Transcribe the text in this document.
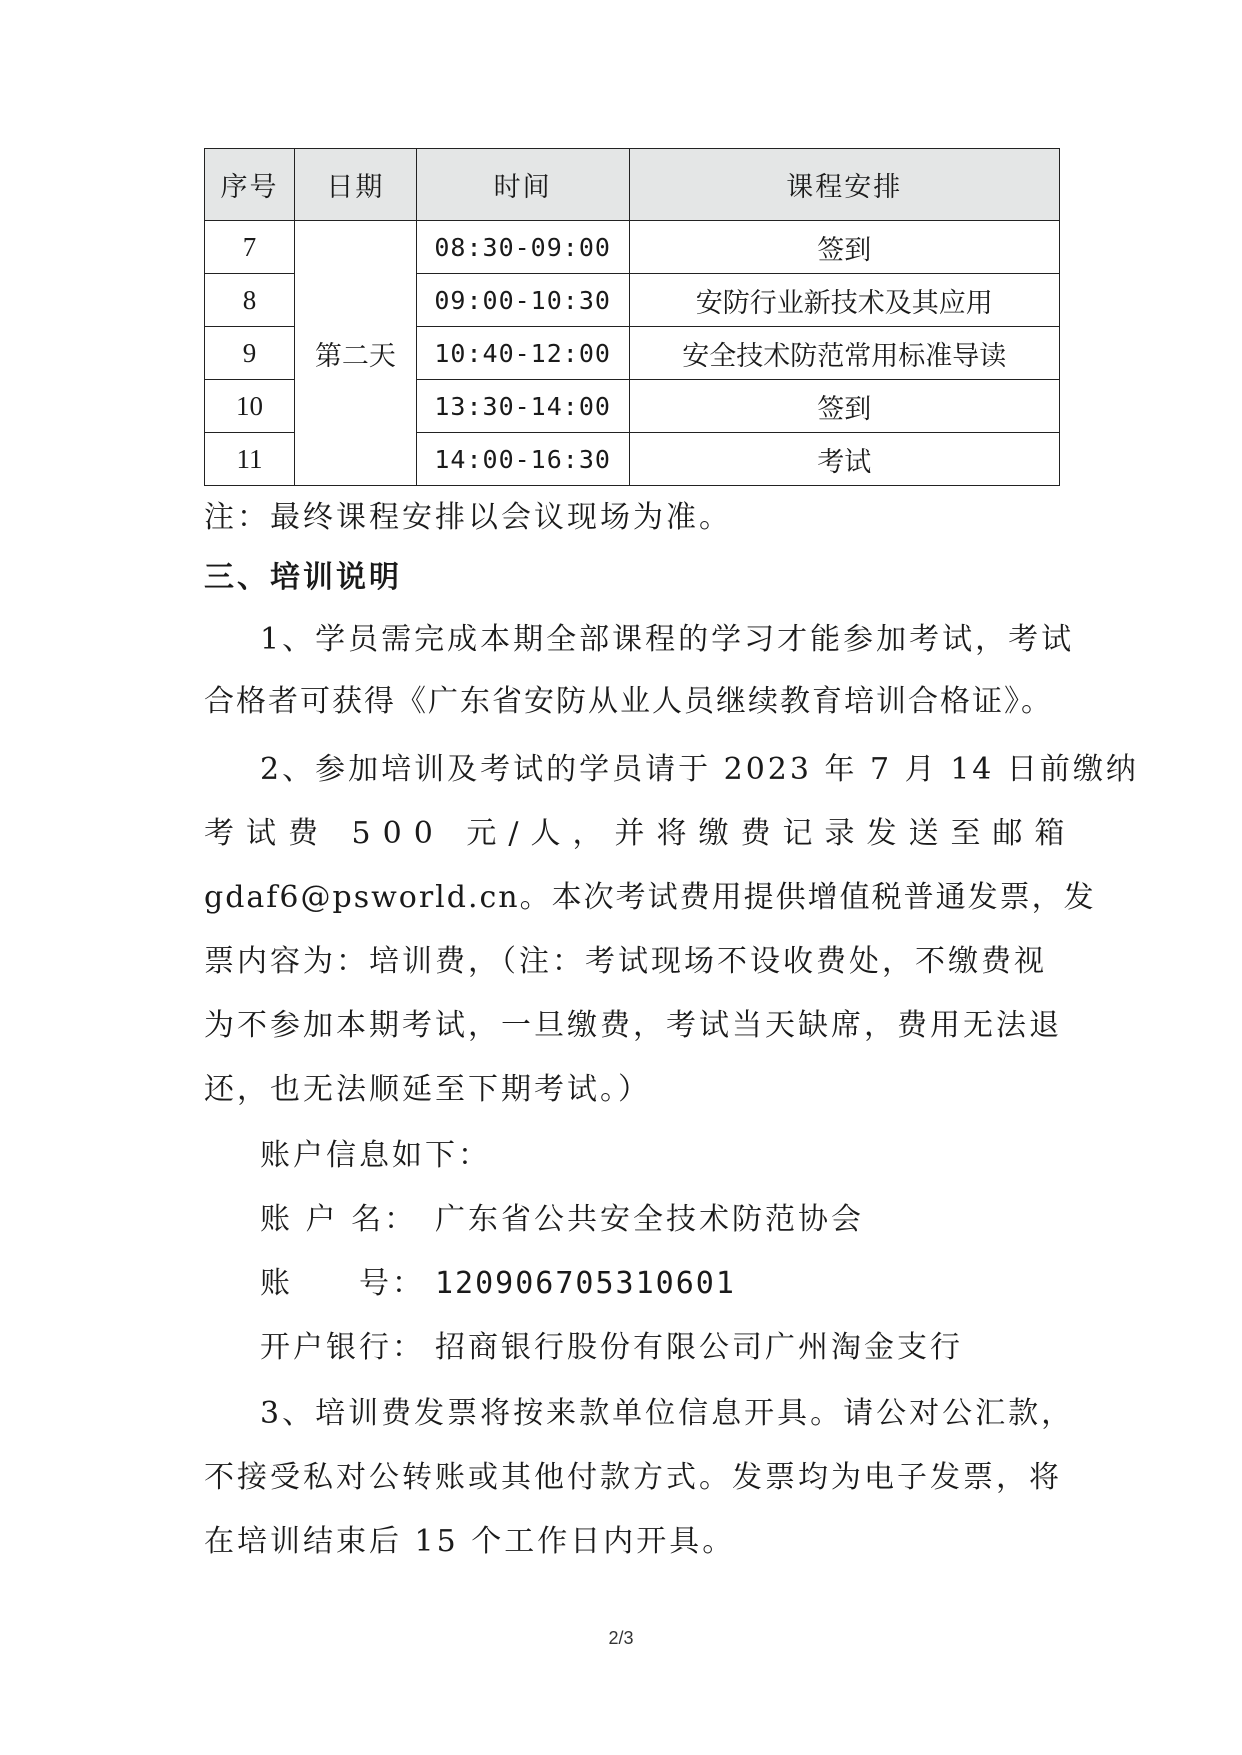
序号	日期	时间	课程安排
7	第二天	08:30-09:00	签到
8		09:00-10:30	安防行业新技术及其应用
9		10:40-12:00	安全技术防范常用标准导读
10		13:30-14:00	签到
11		14:00-16:30	考试
注：最终课程安排以会议现场为准。
三、培训说明
1、学员需完成本期全部课程的学习才能参加考试，考试
合格者可获得《广东省安防从业人员继续教育培训合格证》。
2、参加培训及考试的学员请于 2023 年 7 月 14 日前缴纳
考试费 500 元/人，并将缴费记录发送至邮箱
gdaf6@psworld.cn。本次考试费用提供增值税普通发票，发
票内容为：培训费，（注：考试现场不设收费处，不缴费视
为不参加本期考试，一旦缴费，考试当天缺席，费用无法退
还，也无法顺延至下期考试。）
账户信息如下：
账 户 名： 广东省公共安全技术防范协会
账　　号： 120906705310601
开户银行： 招商银行股份有限公司广州淘金支行
3、培训费发票将按来款单位信息开具。请公对公汇款，
不接受私对公转账或其他付款方式。发票均为电子发票，将
2/3
在培训结束后 15 个工作日内开具。
